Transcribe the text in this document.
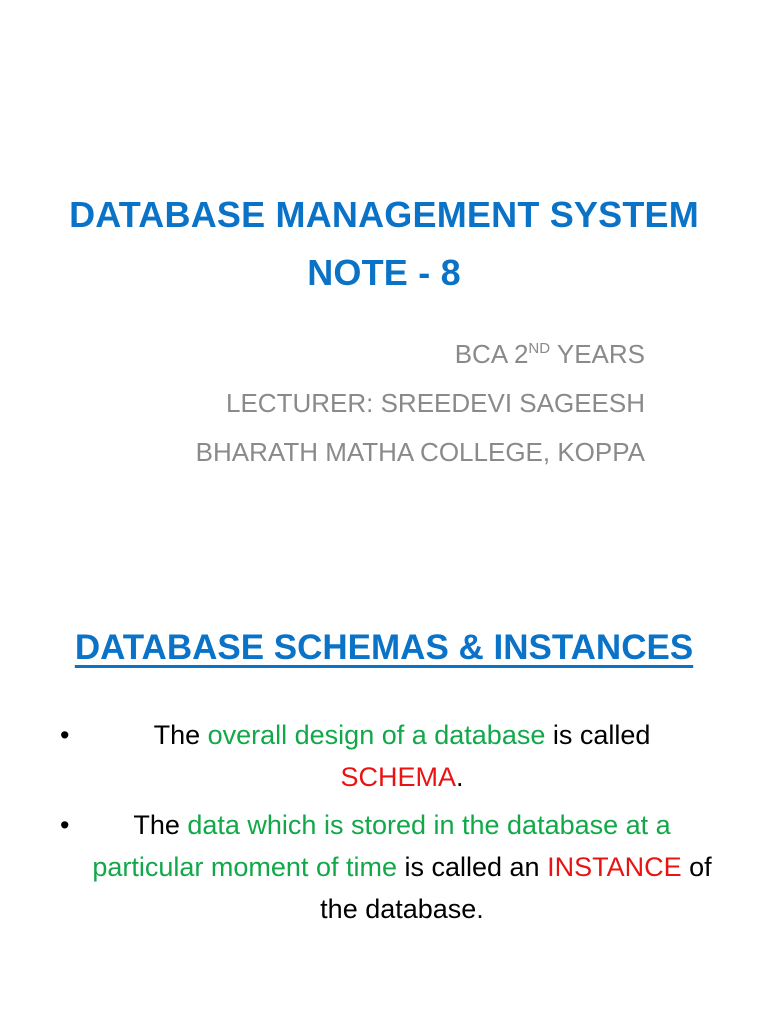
DATABASE MANAGEMENT SYSTEM
NOTE - 8
BCA 2ND YEARS
LECTURER: SREEDEVI SAGEESH
BHARATH MATHA COLLEGE, KOPPA
DATABASE SCHEMAS & INSTANCES
•	The overall design of a database is called SCHEMA.
• The data which is stored in the database at a particular moment of time is called an INSTANCE of the database.
